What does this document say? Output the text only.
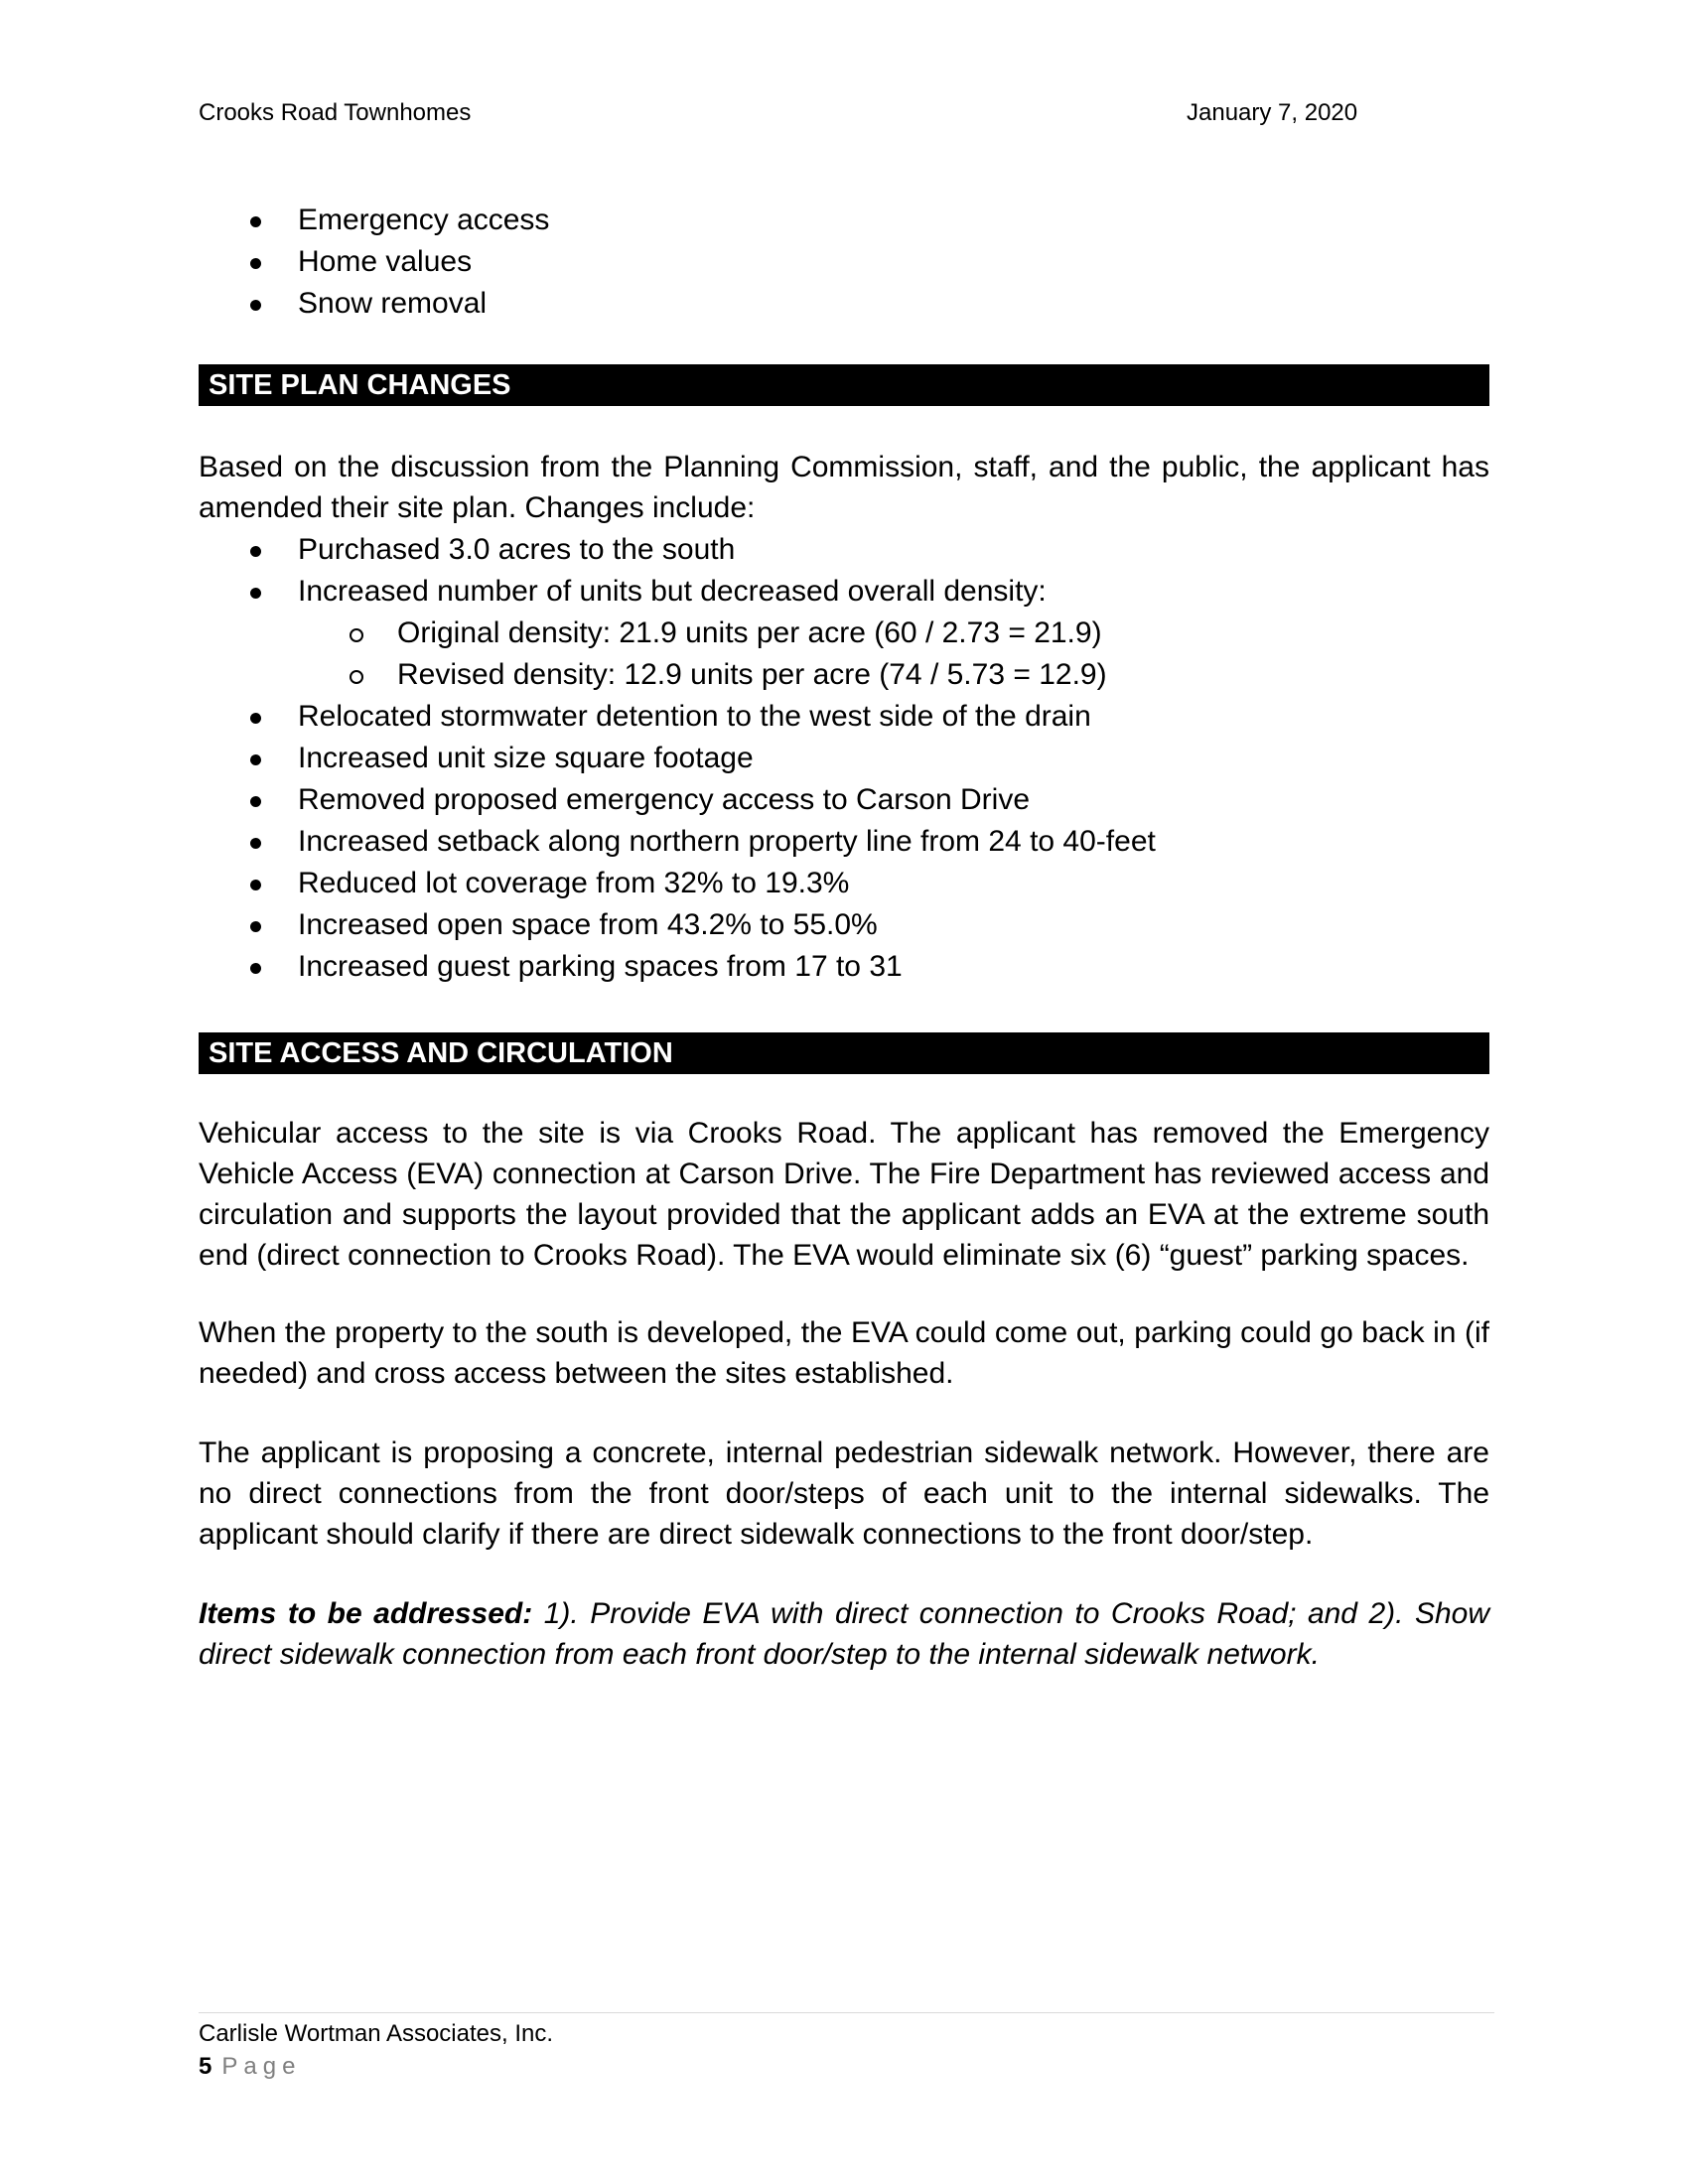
Crooks Road Townhomes	January 7, 2020
Emergency access
Home values
Snow removal
SITE PLAN CHANGES

Based on the discussion from the Planning Commission, staff, and the public, the applicant has amended their site plan. Changes include:

Purchased 3.0 acres to the south
Increased number of units but decreased overall density:
Original density: 21.9 units per acre (60 / 2.73 = 21.9)
Revised density: 12.9 units per acre (74 / 5.73 = 12.9)
Relocated stormwater detention to the west side of the drain
Increased unit size square footage
Removed proposed emergency access to Carson Drive
Increased setback along northern property line from 24 to 40-feet
Reduced lot coverage from 32% to 19.3%
Increased open space from 43.2% to 55.0%
Increased guest parking spaces from 17 to 31
SITE ACCESS AND CIRCULATION

Vehicular access to the site is via Crooks Road. The applicant has removed the Emergency Vehicle Access (EVA) connection at Carson Drive. The Fire Department has reviewed access and circulation and supports the layout provided that the applicant adds an EVA at the extreme south end (direct connection to Crooks Road). The EVA would eliminate six (6) “guest” parking spaces.

When the property to the south is developed, the EVA could come out, parking could go back in (if needed) and cross access between the sites established.

The applicant is proposing a concrete, internal pedestrian sidewalk network. However, there are no direct connections from the front door/steps of each unit to the internal sidewalks. The applicant should clarify if there are direct sidewalk connections to the front door/step.

Items to be addressed: 1). Provide EVA with direct connection to Crooks Road; and 2). Show direct sidewalk connection from each front door/step to the internal sidewalk network.

Carlisle Wortman Associates, Inc.
5 Page
